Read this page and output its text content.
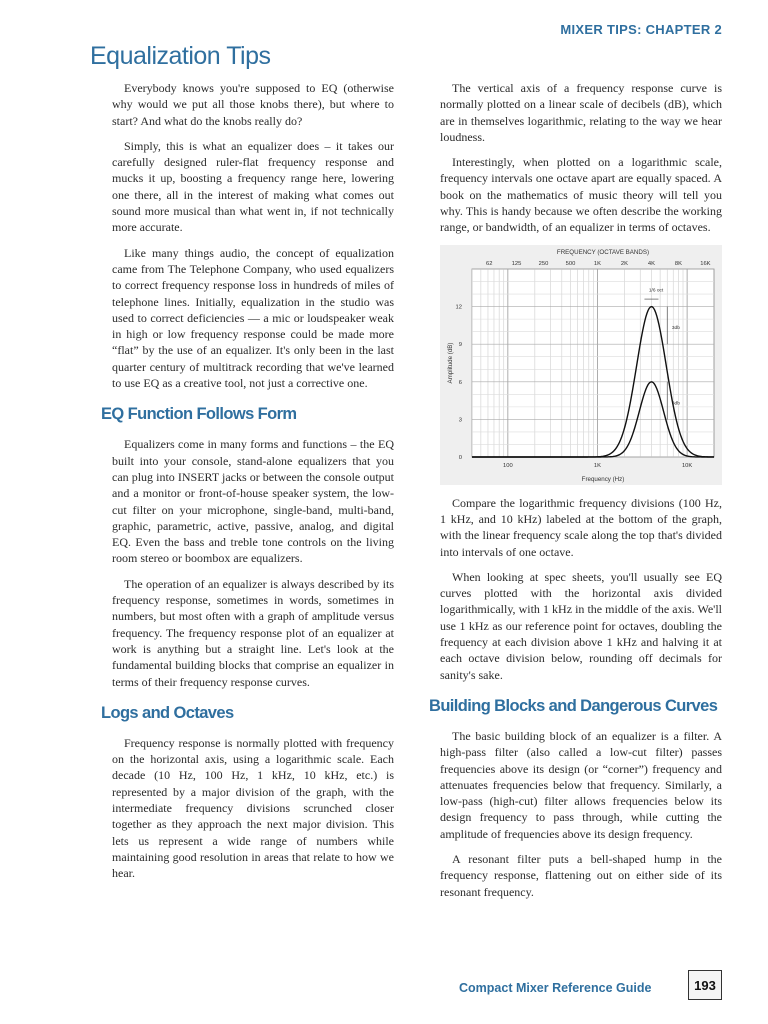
MIXER TIPS: CHAPTER 2
Equalization Tips

Everybody knows you're supposed to EQ (otherwise why would we put all those knobs there), but where to start? And what do the knobs really do?

Simply, this is what an equalizer does – it takes our carefully designed ruler-flat frequency response and mucks it up, boosting a frequency range here, lowering one there, all in the interest of making what comes out sound more musical than what went in, if not technically more accurate.

Like many things audio, the concept of equalization came from The Telephone Company, who used equalizers to correct frequency response loss in hundreds of miles of telephone lines. Initially, equalization in the studio was used to correct deficiencies — a mic or loudspeaker weak in high or low frequency response could be made more “flat” by the use of an equalizer. It's only been in the last quarter century of multitrack recording that we've learned to use EQ as a creative tool, not just a corrective one.

EQ Function Follows Form

Equalizers come in many forms and functions – the EQ built into your console, stand-alone equalizers that you can plug into INSERT jacks or between the console output and a monitor or front-of-house speaker system, the low-cut filter on your microphone, single-band, multi-band, graphic, parametric, active, passive, analog, and digital EQ. Even the bass and treble tone controls on the living room stereo or boombox are equalizers.

The operation of an equalizer is always described by its frequency response, sometimes in words, sometimes in numbers, but most often with a graph of amplitude versus frequency. The frequency response plot of an equalizer at work is anything but a straight line. Let's look at the fundamental building blocks that comprise an equalizer in terms of their frequency response curves.

Logs and Octaves

Frequency response is normally plotted with frequency on the horizontal axis, using a logarithmic scale. Each decade (10 Hz, 100 Hz, 1 kHz, 10 kHz, etc.) is represented by a major division of the graph, with the intermediate frequency divisions scrunched closer together as they approach the next major division. This lets us represent a wide range of numbers while maintaining good resolution in areas that relate to how we hear.

The vertical axis of a frequency response curve is normally plotted on a linear scale of decibels (dB), which are in themselves logarithmic, relating to the way we hear loudness.

Interestingly, when plotted on a logarithmic scale, frequency intervals one octave apart are equally spaced. A book on the mathematics of music theory will tell you why. This is handy because we often describe the working range, or bandwidth, of an equalizer in terms of octaves.

FREQUENCY (OCTAVE BANDS)
62	125	250	500	1K	2K	4K	8K	16K
100	1K	10K
Frequency (Hz)
0
3
6
9
12
Amplitude (dB)
1/6 oct
3db
3db

Compare the logarithmic frequency divisions (100 Hz, 1 kHz, and 10 kHz) labeled at the bottom of the graph, with the linear frequency scale along the top that's divided into intervals of one octave.

When looking at spec sheets, you'll usually see EQ curves plotted with the horizontal axis divided logarithmically, with 1 kHz in the middle of the axis. We'll use 1 kHz as our reference point for octaves, doubling the frequency at each division above 1 kHz and halving it at each octave division below, rounding off decimals for sanity's sake.

Building Blocks and Dangerous Curves

The basic building block of an equalizer is a filter. A high-pass filter (also called a low-cut filter) passes frequencies above its design (or “corner”) frequency and attenuates frequencies below that frequency. Similarly, a low-pass (high-cut) filter allows frequencies below its design frequency to pass through, while cutting the amplitude of frequencies above its design frequency.

A resonant filter puts a bell-shaped hump in the frequency response, flattening out on either side of its resonant frequency.

Compact Mixer Reference Guide	193
